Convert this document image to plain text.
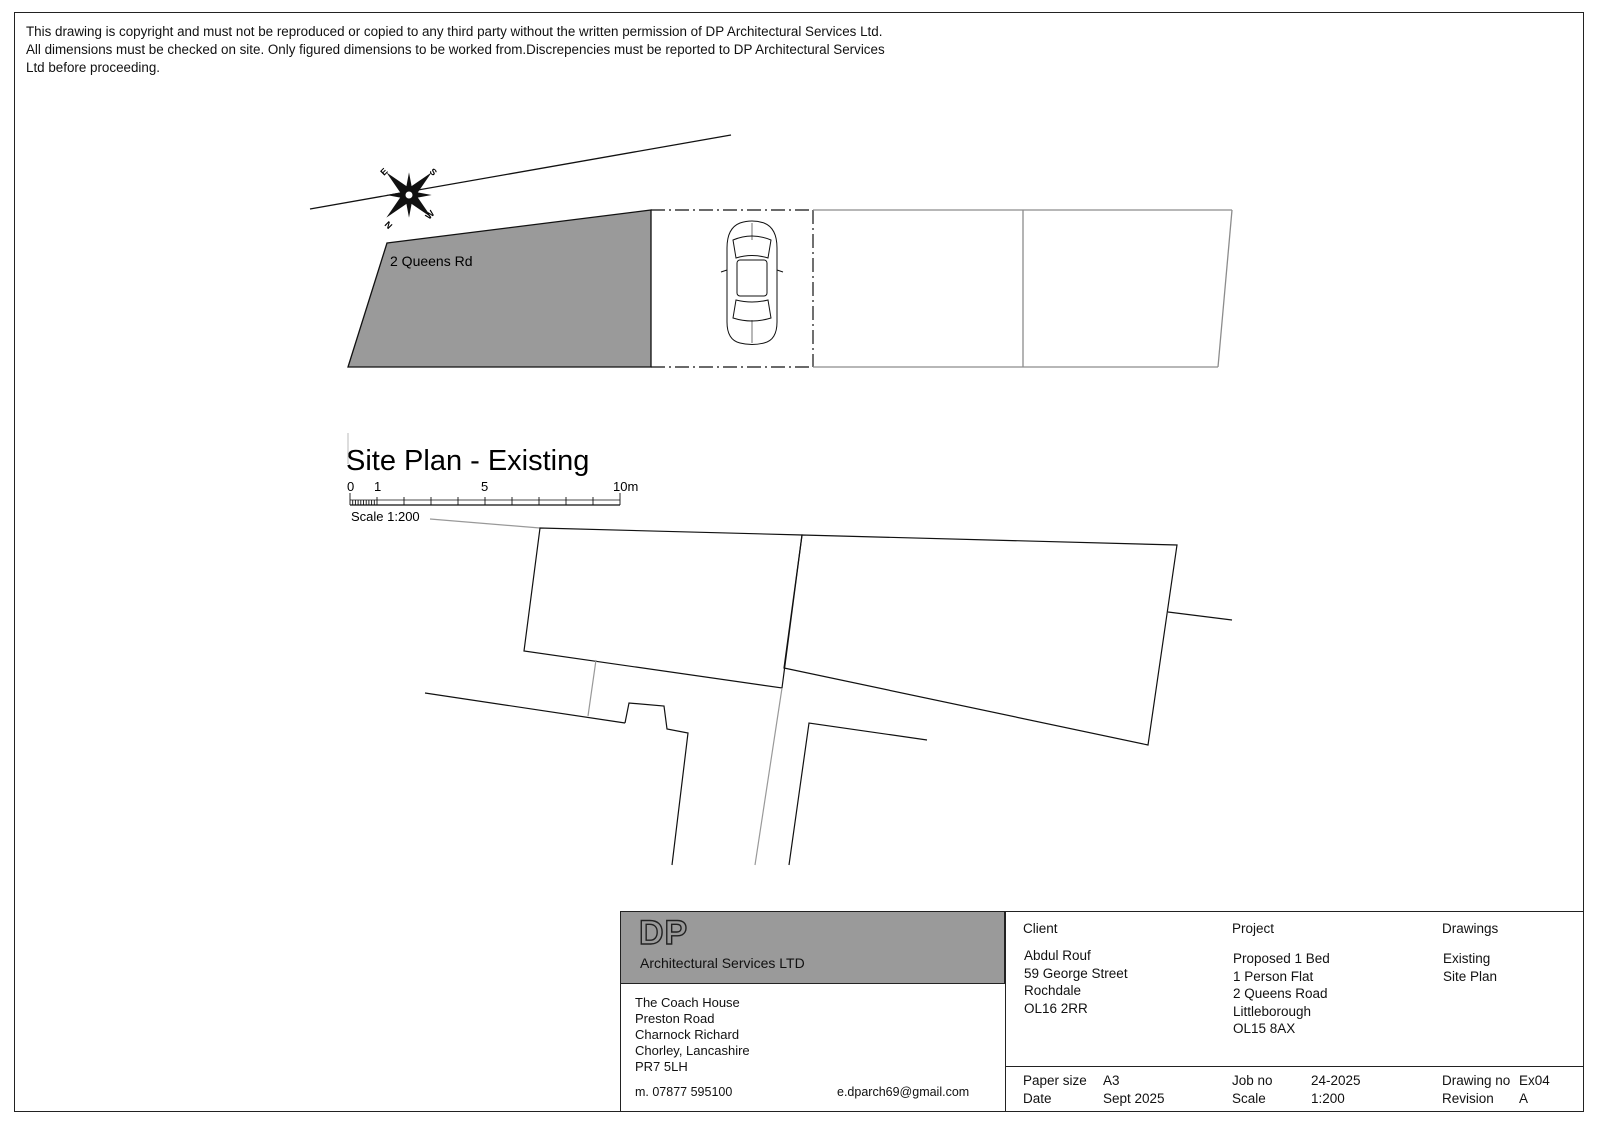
This drawing is copyright and must not be reproduced or copied to any third party without the written permission of DP Architectural Services Ltd.
All dimensions must be checked on site. Only figured dimensions to be worked from.Discrepencies must be reported to DP Architectural Services
Ltd before proceeding.
E	S
N
W
2 Queens Rd
Site Plan - Existing
0 1	5	10m
Scale 1:200
DP
Architectural Services LTD
The Coach House
Preston Road
Charnock Richard
Chorley, Lancashire
PR7 5LH
m. 07877 595100	e.dparch69@gmail.com
Client
Abdul Rouf
59 George Street
Rochdale
OL16 2RR
Project
Proposed 1 Bed
1 Person Flat
2 Queens Road
Littleborough
OL15 8AX
Drawings
Existing
Site Plan
Paper size A3
Date	Sept 2025
Job no	24-2025
Scale	1:200
Drawing no Ex04
Revision A
